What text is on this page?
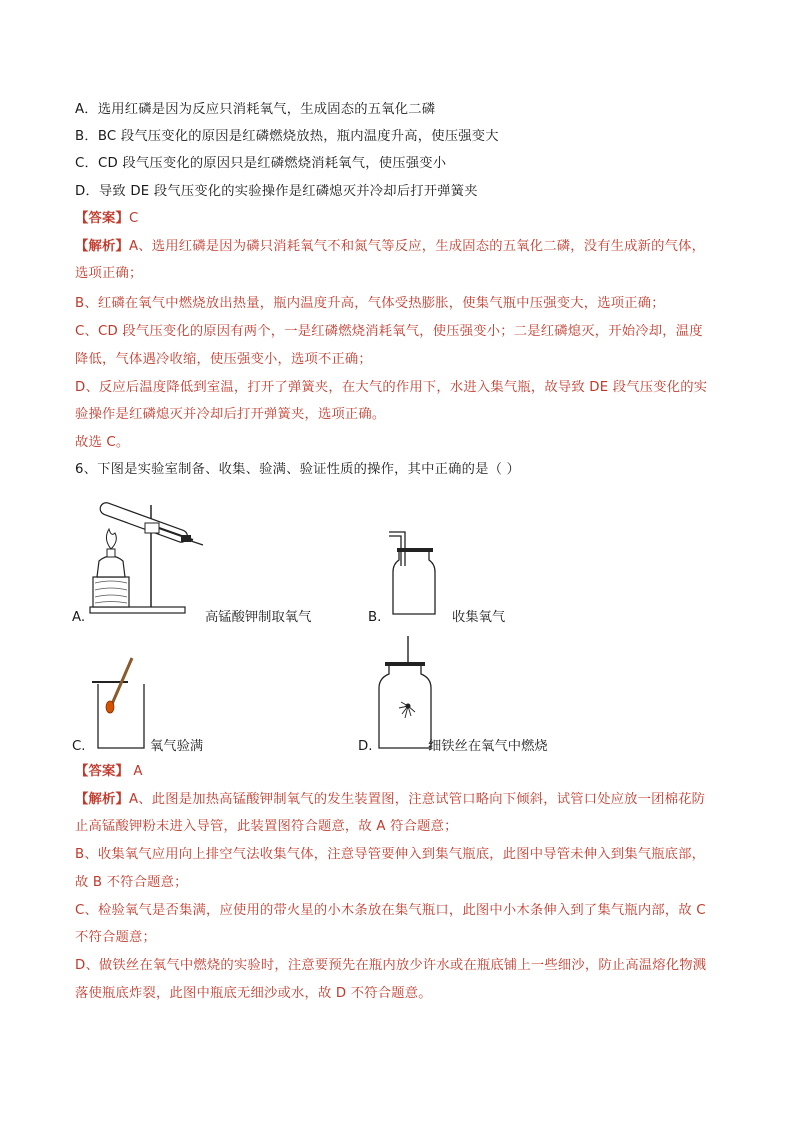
A．选用红磷是因为反应只消耗氧气，生成固态的五氧化二磷
B．BC 段气压变化的原因是红磷燃烧放热，瓶内温度升高，使压强变大
C．CD 段气压变化的原因只是红磷燃烧消耗氧气，使压强变小
D．导致 DE 段气压变化的实验操作是红磷熄灭并冷却后打开弹簧夹
【答案】C
【解析】A、选用红磷是因为磷只消耗氧气不和氮气等反应，生成固态的五氧化二磷，没有生成新的气体，
选项正确；
B、红磷在氧气中燃烧放出热量，瓶内温度升高，气体受热膨胀，使集气瓶中压强变大，选项正确；
C、CD 段气压变化的原因有两个，一是红磷燃烧消耗氧气，使压强变小；二是红磷熄灭，开始冷却，温度
降低，气体遇冷收缩，使压强变小，选项不正确；
D、反应后温度降低到室温，打开了弹簧夹，在大气的作用下，水进入集气瓶，故导致 DE 段气压变化的实
验操作是红磷熄灭并冷却后打开弹簧夹，选项正确。
故选 C。
6、下图是实验室制备、收集、验满、验证性质的操作，其中正确的是（ ）
A.	高锰酸钾制取氧气	B.	收集氧气
C.	氧气验满	D.	细铁丝在氧气中燃烧
【答案】 A
【解析】A、此图是加热高锰酸钾制氧气的发生装置图，注意试管口略向下倾斜，试管口处应放一团棉花防
止高锰酸钾粉末进入导管，此装置图符合题意，故 A 符合题意；
B、收集氧气应用向上排空气法收集气体，注意导管要伸入到集气瓶底，此图中导管未伸入到集气瓶底部，
故 B 不符合题意；
C、检验氧气是否集满，应使用的带火星的小木条放在集气瓶口，此图中小木条伸入到了集气瓶内部，故 C
不符合题意；
D、做铁丝在氧气中燃烧的实验时，注意要预先在瓶内放少许水或在瓶底铺上一些细沙，防止高温熔化物溅
落使瓶底炸裂，此图中瓶底无细沙或水，故 D 不符合题意。
